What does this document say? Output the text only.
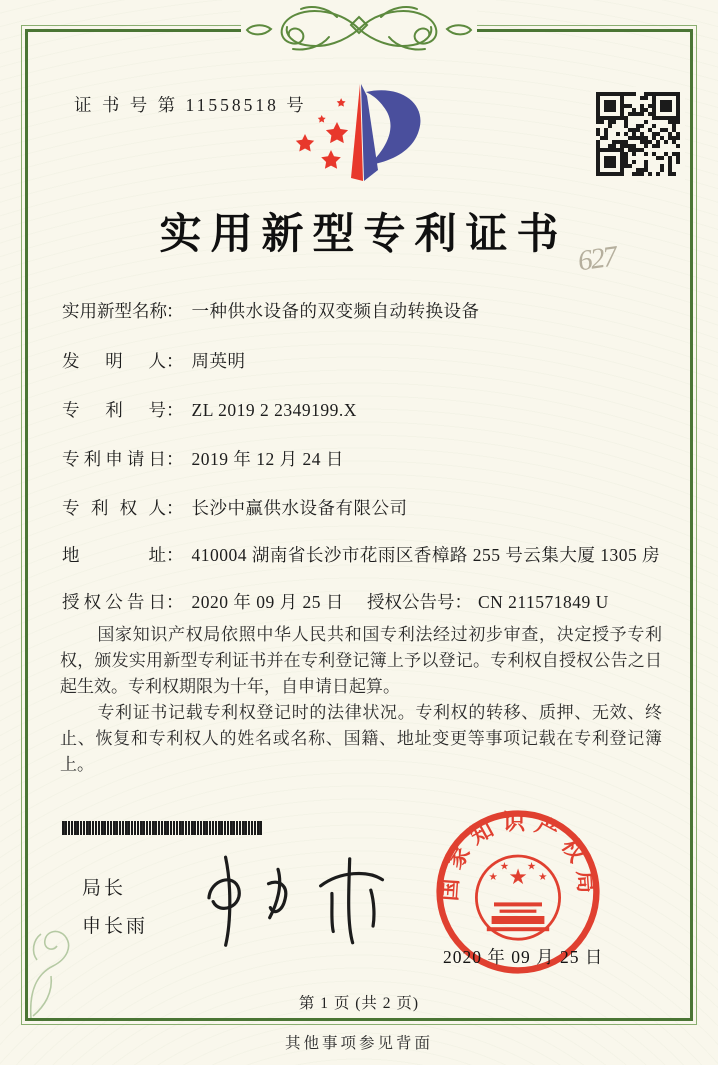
证 书 号 第 11558518 号
实用新型专利证书
627
实用新型名称： 一种供水设备的双变频自动转换设备
发明人： 周英明
专利号： ZL 2019 2 2349199.X
专利申请日： 2019 年 12 月 24 日
专利权人： 长沙中赢供水设备有限公司
地址： 410004 湖南省长沙市花雨区香樟路 255 号云集大厦 1305 房
授权公告日： 2020 年 09 月 25 日 授权公告号： CN 211571849 U

国家知识产权局依照中华人民共和国专利法经过初步审查，决定授予专利权，颁发实用新型专利证书并在专利登记簿上予以登记。专利权自授权公告之日起生效。专利权期限为十年，自申请日起算。

专利证书记载专利权登记时的法律状况。专利权的转移、质押、无效、终止、恢复和专利权人的姓名或名称、国籍、地址变更等事项记载在专利登记簿上。

局长
申长雨
国家知识产权局
★
★
★ ★
★
2020 年 09 月 25 日
第 1 页 (共 2 页)
其他事项参见背面
